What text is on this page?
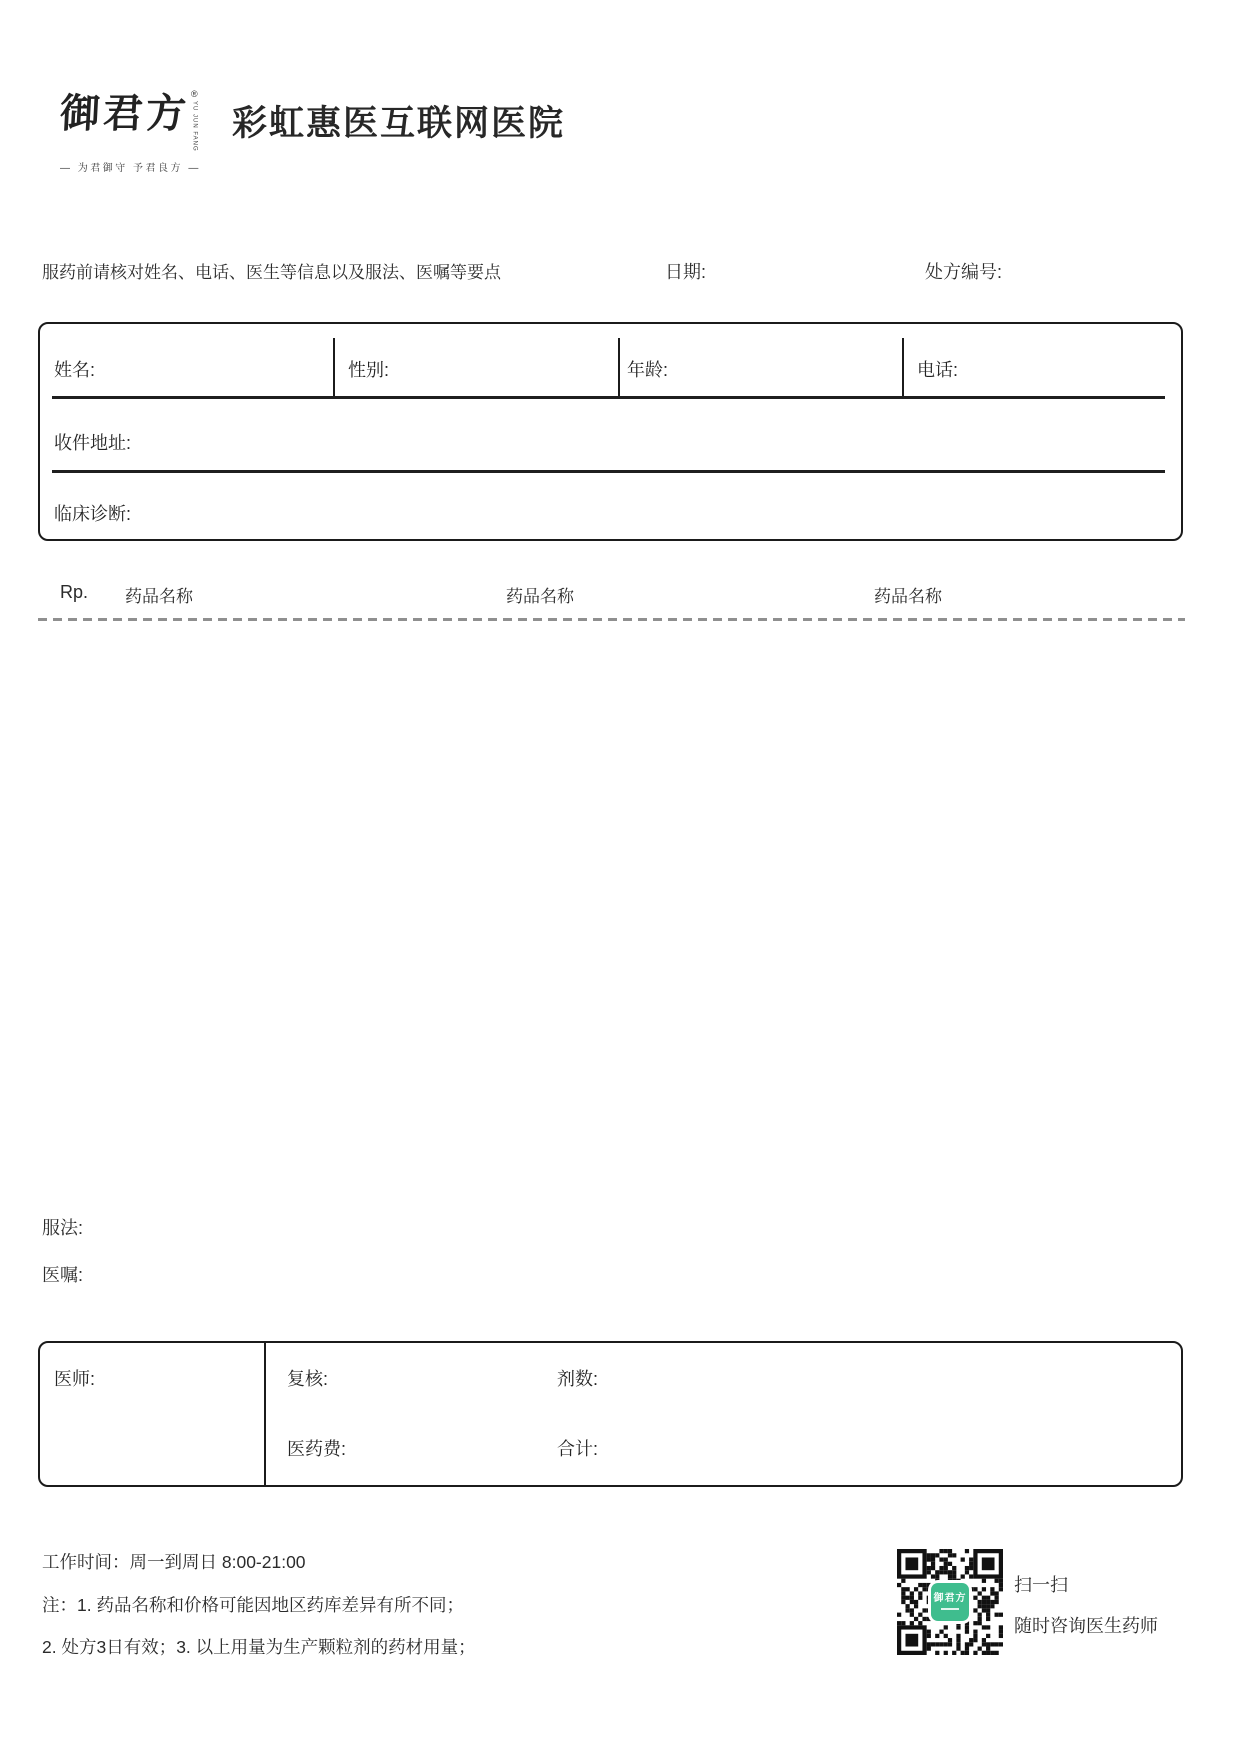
御君方 ®
YU JUN FANG
— 为君御守 予君良方 —
彩虹惠医互联网医院
服药前请核对姓名、电话、医生等信息以及服法、医嘱等要点	日期:	处方编号:
姓名:	性别:	年龄:	电话:
收件地址:
临床诊断:
Rp. 药品名称	药品名称	药品名称
服法:
医嘱:
医师:	复核:	剂数:
医药费:	合计:
工作时间：周一到周日 8:00-21:00
注：1. 药品名称和价格可能因地区药库差异有所不同；
2. 处方3日有效；3. 以上用量为生产颗粒剂的药材用量；
御君方
扫一扫
随时咨询医生药师
